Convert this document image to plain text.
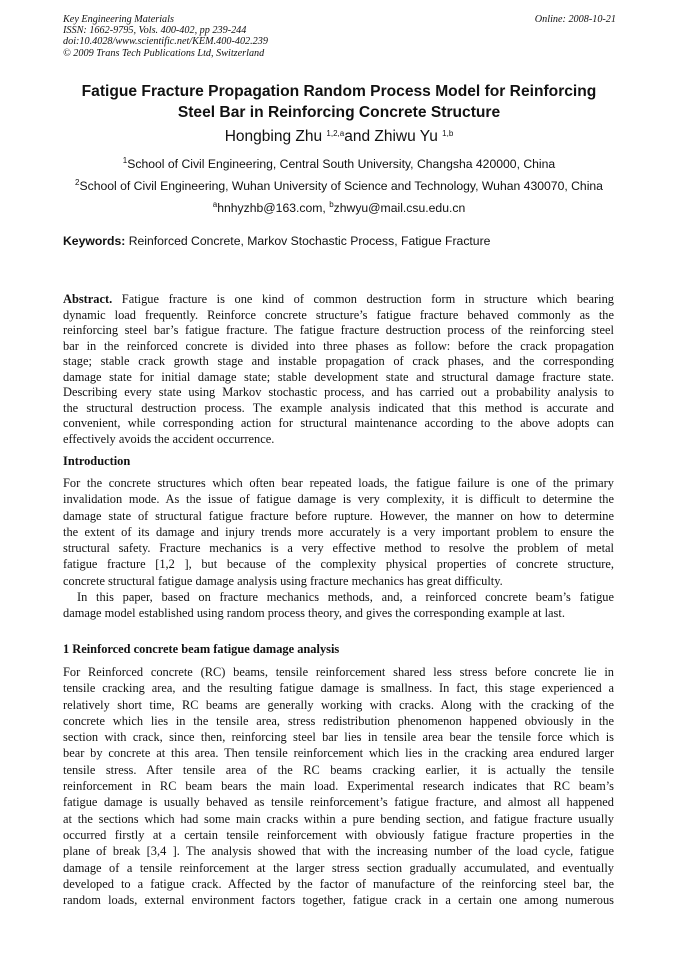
Key Engineering Materials
ISSN: 1662-9795, Vols. 400-402, pp 239-244
doi:10.4028/www.scientific.net/KEM.400-402.239
© 2009 Trans Tech Publications Ltd, Switzerland
Online: 2008-10-21
Fatigue Fracture Propagation Random Process Model for Reinforcing
Steel Bar in Reinforcing Concrete Structure
Hongbing Zhu $^{1,2,a}$and Zhiwu Yu $^{1,b}$
$^1$School of Civil Engineering, Central South University, Changsha 420000, China
$^2$School of Civil Engineering, Wuhan University of Science and Technology, Wuhan 430070, China
$^a$hnhyzhb@163.com, $^b$zhwyu@mail.csu.edu.cn
Keywords: Reinforced Concrete, Markov Stochastic Process, Fatigue Fracture
Abstract. Fatigue fracture is one kind of common destruction form in structure which bearing
dynamic load frequently. Reinforce concrete structure’s fatigue fracture behaved commonly as the
reinforcing steel bar’s fatigue fracture. The fatigue fracture destruction process of the reinforcing steel
bar in the reinforced concrete is divided into three phases as follow: before the crack propagation
stage; stable crack growth stage and instable propagation of crack phases, and the corresponding
damage state for initial damage state; stable development state and structural damage fracture state.
Describing every state using Markov stochastic process, and has carried out a probability analysis to
the structural destruction process. The example analysis indicated that this method is accurate and
convenient, while corresponding action for structural maintenance according to the above adopts can
effectively avoids the accident occurrence.
Introduction
For the concrete structures which often bear repeated loads, the fatigue failure is one of the primary
invalidation mode. As the issue of fatigue damage is very complexity, it is difficult to determine the
damage state of structural fatigue fracture before rupture. However, the manner on how to determine
the extent of its damage and injury trends more accurately is a very important problem to ensure the
structural safety. Fracture mechanics is a very effective method to resolve the problem of metal
fatigue fracture [1,2 ], but because of the complexity physical properties of concrete structure,
concrete structural fatigue damage analysis using fracture mechanics has great difficulty.
In this paper, based on fracture mechanics methods, and, a reinforced concrete beam’s fatigue
damage model established using random process theory, and gives the corresponding example at last.
1 Reinforced concrete beam fatigue damage analysis
For Reinforced concrete (RC) beams, tensile reinforcement shared less stress before concrete lie in
tensile cracking area, and the resulting fatigue damage is smallness. In fact, this stage experienced a
relatively short time, RC beams are generally working with cracks. Along with the cracking of the
concrete which lies in the tensile area, stress redistribution phenomenon happened obviously in the
section with crack, since then, reinforcing steel bar lies in tensile area bear the tensile force which is
bear by concrete at this area. Then tensile reinforcement which lies in the cracking area endured larger
tensile stress. After tensile area of the RC beams cracking earlier, it is actually the tensile
reinforcement in RC beam bears the main load. Experimental research indicates that RC beam’s
fatigue damage is usually behaved as tensile reinforcement’s fatigue fracture, and almost all happened
at the sections which had some main cracks within a pure bending section, and fatigue fracture usually
occurred firstly at a certain tensile reinforcement with obviously fatigue fracture properties in the
plane of break [3,4 ]. The analysis showed that with the increasing number of the load cycle, fatigue
damage of a tensile reinforcement at the larger stress section gradually accumulated, and eventually
developed to a fatigue crack. Affected by the factor of manufacture of the reinforcing steel bar, the
random loads, external environment factors together, fatigue crack in a certain one among numerous
